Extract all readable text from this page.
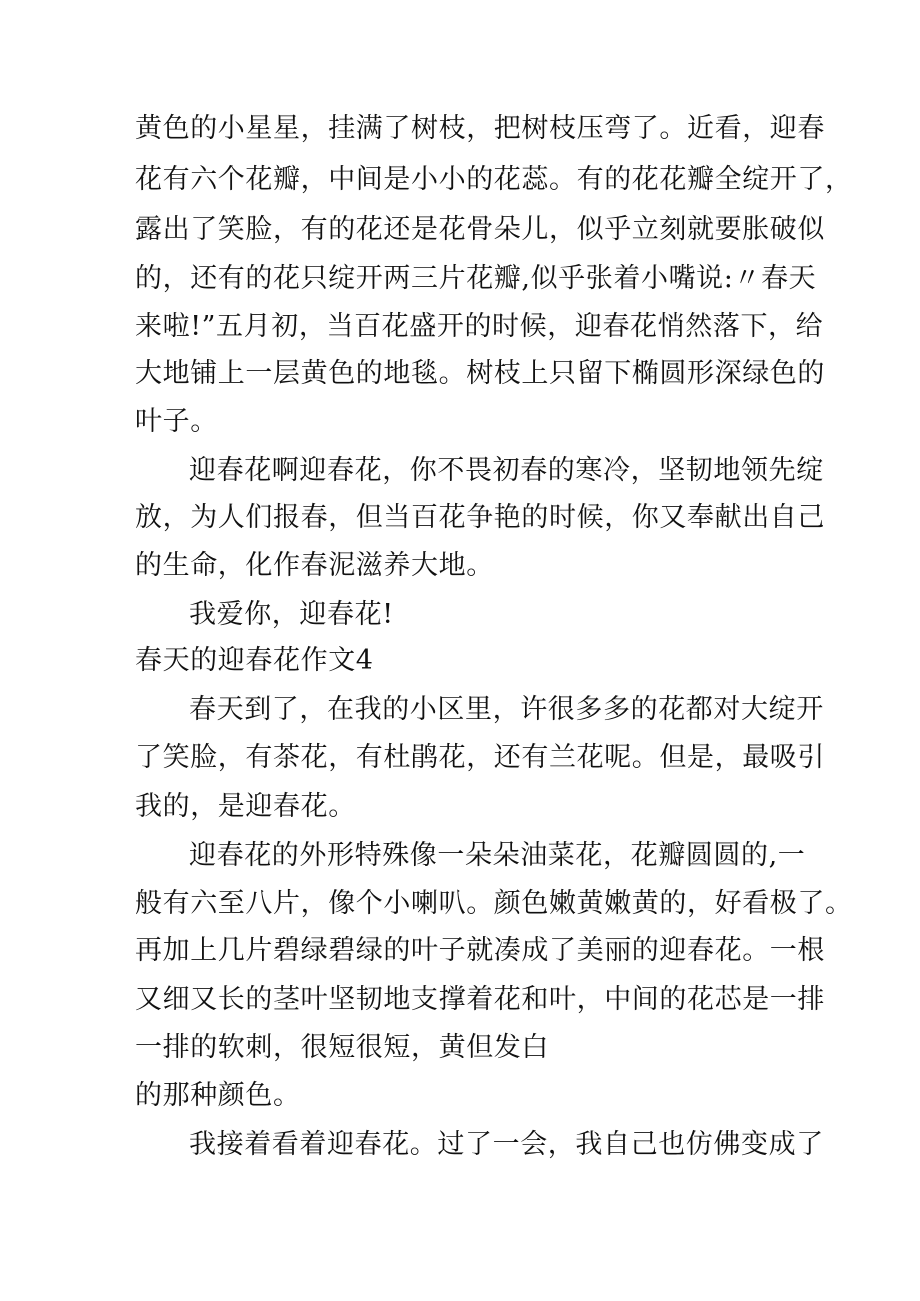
黄色的小星星，挂满了树枝，把树枝压弯了。近看，迎春
花有六个花瓣，中间是小小的花蕊。有的花花瓣全绽开了，
露出了笑脸，有的花还是花骨朵儿，似乎立刻就要胀破似
的，还有的花只绽开两三片花瓣,似乎张着小嘴说:〃春天
来啦!”五月初，当百花盛开的时候，迎春花悄然落下，给
大地铺上一层黄色的地毯。树枝上只留下椭圆形深绿色的
叶子。
迎春花啊迎春花，你不畏初春的寒冷，坚韧地领先绽
放，为人们报春，但当百花争艳的时候，你又奉献出自己
的生命，化作春泥滋养大地。
我爱你，迎春花!
春天的迎春花作文4
春天到了，在我的小区里，许很多多的花都对大绽开
了笑脸，有茶花，有杜鹃花，还有兰花呢。但是，最吸引
我的，是迎春花。
迎春花的外形特殊像一朵朵油菜花，花瓣圆圆的,一
般有六至八片，像个小喇叭。颜色嫩黄嫩黄的，好看极了。
再加上几片碧绿碧绿的叶子就凑成了美丽的迎春花。一根
又细又长的茎叶坚韧地支撑着花和叶，中间的花芯是一排
一排的软刺，很短很短，黄但发白
的那种颜色。
我接着看着迎春花。过了一会，我自己也仿佛变成了
